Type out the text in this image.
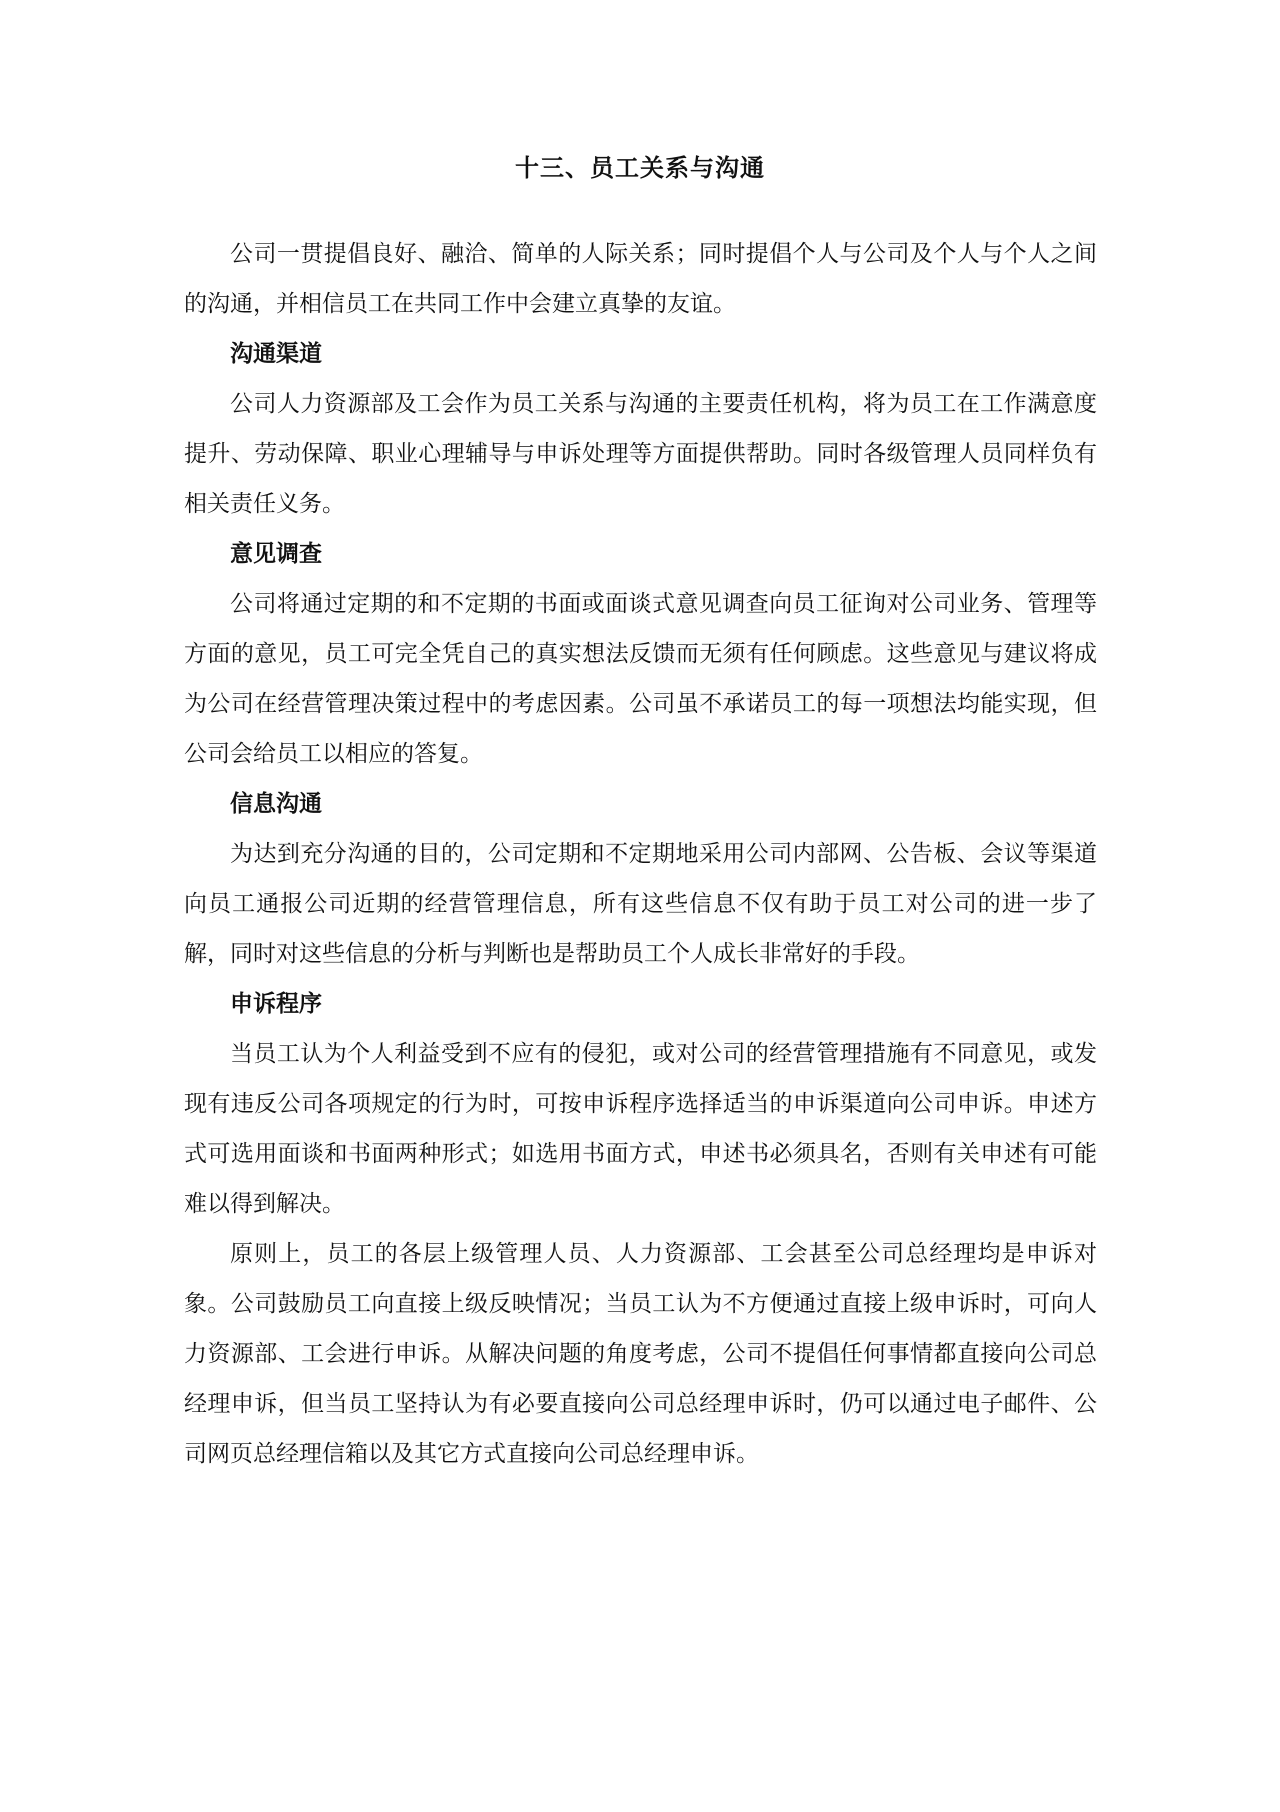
十三、员工关系与沟通

公司一贯提倡良好、融洽、简单的人际关系；同时提倡个人与公司及个人与个人之间的沟通，并相信员工在共同工作中会建立真挚的友谊。

沟通渠道

公司人力资源部及工会作为员工关系与沟通的主要责任机构，将为员工在工作满意度提升、劳动保障、职业心理辅导与申诉处理等方面提供帮助。同时各级管理人员同样负有相关责任义务。

意见调查

公司将通过定期的和不定期的书面或面谈式意见调查向员工征询对公司业务、管理等方面的意见，员工可完全凭自己的真实想法反馈而无须有任何顾虑。这些意见与建议将成为公司在经营管理决策过程中的考虑因素。公司虽不承诺员工的每一项想法均能实现，但公司会给员工以相应的答复。

信息沟通

为达到充分沟通的目的，公司定期和不定期地采用公司内部网、公告板、会议等渠道向员工通报公司近期的经营管理信息，所有这些信息不仅有助于员工对公司的进一步了解，同时对这些信息的分析与判断也是帮助员工个人成长非常好的手段。

申诉程序

当员工认为个人利益受到不应有的侵犯，或对公司的经营管理措施有不同意见，或发现有违反公司各项规定的行为时，可按申诉程序选择适当的申诉渠道向公司申诉。申述方式可选用面谈和书面两种形式；如选用书面方式，申述书必须具名，否则有关申述有可能难以得到解决。

原则上，员工的各层上级管理人员、人力资源部、工会甚至公司总经理均是申诉对象。公司鼓励员工向直接上级反映情况；当员工认为不方便通过直接上级申诉时，可向人力资源部、工会进行申诉。从解决问题的角度考虑，公司不提倡任何事情都直接向公司总经理申诉，但当员工坚持认为有必要直接向公司总经理申诉时，仍可以通过电子邮件、公司网页总经理信箱以及其它方式直接向公司总经理申诉。
